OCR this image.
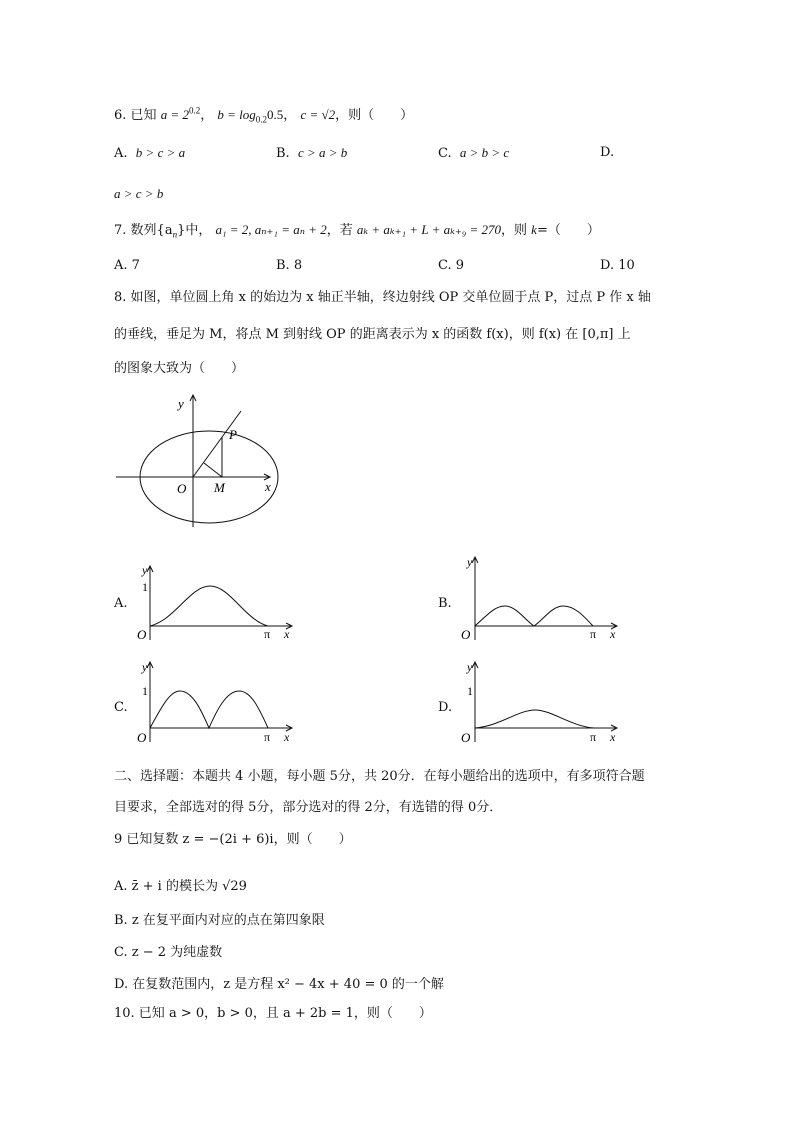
6. 已知 $a = 2^{0.2}$， $b = \log_{0.2}0.5$， c = √2，则（　　）
A. b > c > a	B. c > a > b	C. a > b > c	D.
a > c > b
7. 数列$\{a_n\}$中， a₁ = 2, aₙ₊₁ = aₙ + 2，若 aₖ + aₖ₊₁ + L + aₖ₊₉ = 270，则 k=（　　）
A. 7	B. 8	C. 9	D. 10
8. 如图，单位圆上角 x 的始边为 x 轴正半轴，终边射线 OP 交单位圆于点 P，过点 P 作 x 轴
的垂线，垂足为 M，将点 M 到射线 OP 的距离表示为 x 的函数 f(x)，则 f(x) 在 [0,π] 上
的图象大致为（　　）
y
x
O
P
M
y
1
O	π x
y
O	π x
y
1
O	π x
y
1
O	π x
A.	B.
C.	D.
二、选择题：本题共 4 小题，每小题 5分，共 20分．在每小题给出的选项中，有多项符合题
目要求，全部选对的得 5分，部分选对的得 2分，有选错的得 0分．
9 已知复数 z = −(2i + 6)i，则（　　）
A. z̄ + i 的模长为 √29
B. z 在复平面内对应的点在第四象限
C. z − 2 为纯虚数
D. 在复数范围内，z 是方程 x² − 4x + 40 = 0 的一个解
10. 已知 a > 0，b > 0，且 a + 2b = 1，则（　　）
